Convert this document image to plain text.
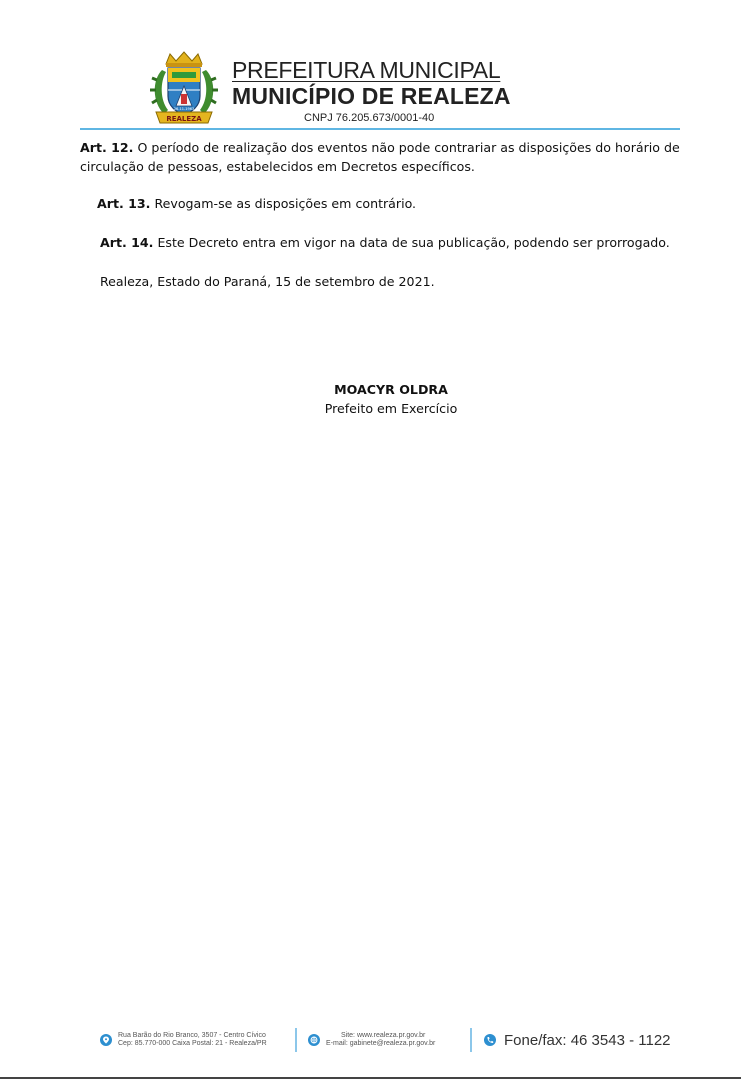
REALEZA
26-11-1963
PREFEITURA MUNICIPAL
MUNICÍPIO DE REALEZA
CNPJ 76.205.673/0001-40

Art. 12. O período de realização dos eventos não pode contrariar as disposições do horário de circulação de pessoas, estabelecidos em Decretos específicos.

Art. 13. Revogam-se as disposições em contrário.

Art. 14. Este Decreto entra em vigor na data de sua publicação, podendo ser prorrogado.

Realeza, Estado do Paraná, 15 de setembro de 2021.

MOACYR OLDRA
Prefeito em Exercício
Rua Barão do Rio Branco, 3507 - Centro Cívico
Cep: 85.770-000 Caixa Postal: 21 - Realeza/PR
Site: www.realeza.pr.gov.br
E-mail: gabinete@realeza.pr.gov.br	Fone/fax: 46 3543 - 1122
